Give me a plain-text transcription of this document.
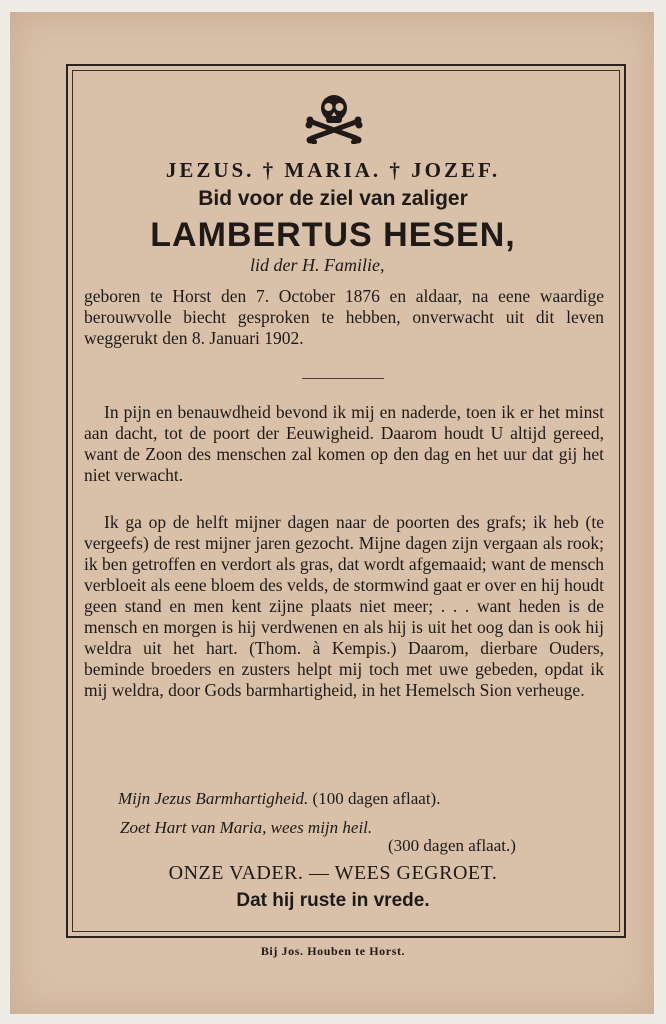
JEZUS. † MARIA. † JOZEF.
Bid voor de ziel van zaliger
LAMBERTUS HESEN,
lid der H. Familie,
geboren te Horst den 7. October 1876 en aldaar, na eene waardige berouwvolle biecht gesproken te hebben, onverwacht uit dit leven weggerukt den 8. Januari 1902.
In pijn en benauwdheid bevond ik mij en naderde, toen ik er het minst aan dacht, tot de poort der Eeuwigheid. Daarom houdt U altijd gereed, want de Zoon des menschen zal komen op den dag en het uur dat gij het niet verwacht.
Ik ga op de helft mijner dagen naar de poorten des grafs; ik heb (te vergeefs) de rest mijner jaren gezocht. Mijne dagen zijn vergaan als rook; ik ben getroffen en verdort als gras, dat wordt afgemaaid; want de mensch verbloeit als eene bloem des velds, de stormwind gaat er over en hij houdt geen stand en men kent zijne plaats niet meer; . . . want heden is de mensch en morgen is hij verdwenen en als hij is uit het oog dan is ook hij weldra uit het hart. (Thom. à Kempis.) Daarom, dierbare Ouders, beminde broeders en zusters helpt mij toch met uwe gebeden, opdat ik mij weldra, door Gods barmhartigheid, in het Hemelsch Sion verheuge.
Mijn Jezus Barmhartigheid. (100 dagen aflaat).
Zoet Hart van Maria, wees mijn heil.
(300 dagen aflaat.)
ONZE VADER. — WEES GEGROET.
Dat hij ruste in vrede.
Bij Jos. Houben te Horst.
